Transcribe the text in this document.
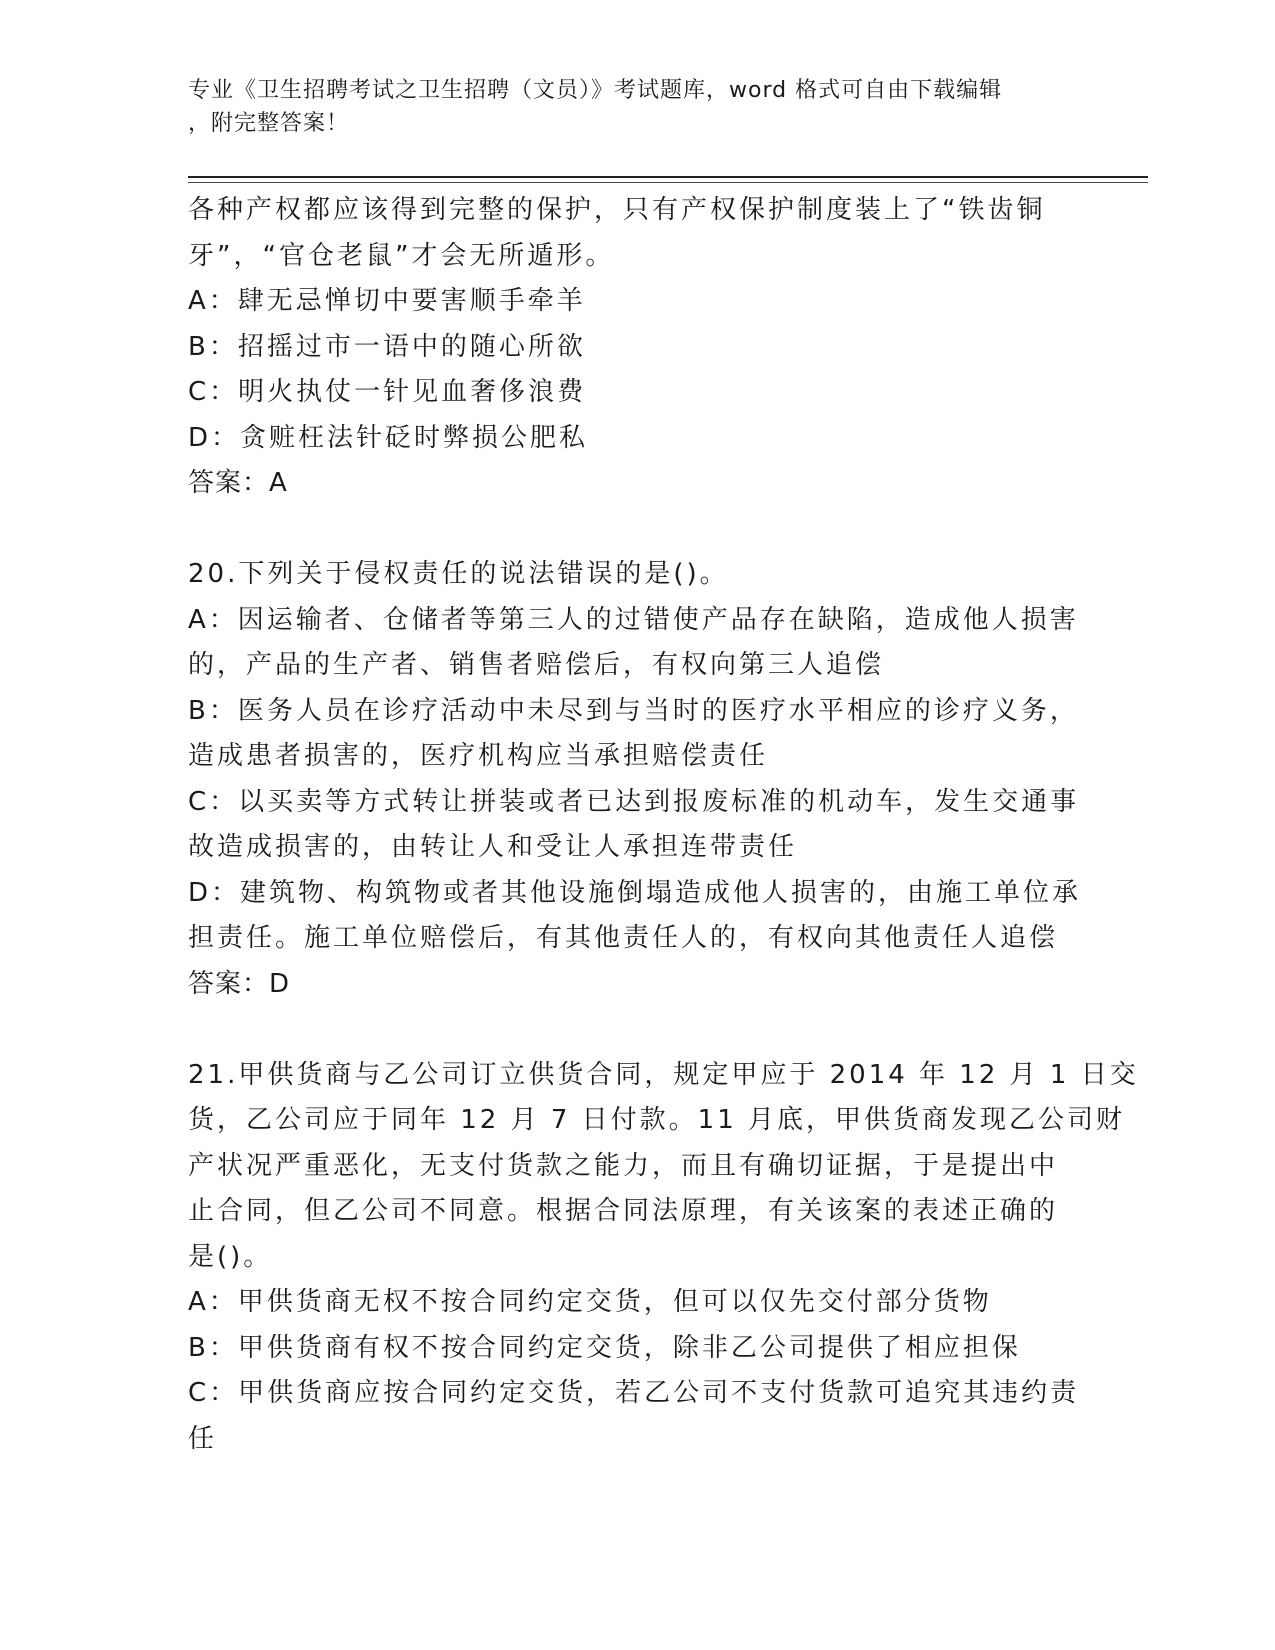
专业《卫生招聘考试之卫生招聘（文员）》考试题库，word 格式可自由下载编辑
，附完整答案！
各种产权都应该得到完整的保护，只有产权保护制度装上了“铁齿铜
牙”，“官仓老鼠”才会无所遁形。
A：肆无忌惮切中要害顺手牵羊
B：招摇过市一语中的随心所欲
C：明火执仗一针见血奢侈浪费
D：贪赃枉法针砭时弊损公肥私
答案：A
20.下列关于侵权责任的说法错误的是()。
A：因运输者、仓储者等第三人的过错使产品存在缺陷，造成他人损害
的，产品的生产者、销售者赔偿后，有权向第三人追偿
B：医务人员在诊疗活动中未尽到与当时的医疗水平相应的诊疗义务，
造成患者损害的，医疗机构应当承担赔偿责任
C：以买卖等方式转让拼装或者已达到报废标准的机动车，发生交通事
故造成损害的，由转让人和受让人承担连带责任
D：建筑物、构筑物或者其他设施倒塌造成他人损害的，由施工单位承
担责任。施工单位赔偿后，有其他责任人的，有权向其他责任人追偿
答案：D
21.甲供货商与乙公司订立供货合同，规定甲应于 2014 年 12 月 1 日交
货，乙公司应于同年 12 月 7 日付款。11 月底，甲供货商发现乙公司财
产状况严重恶化，无支付货款之能力，而且有确切证据，于是提出中
止合同，但乙公司不同意。根据合同法原理，有关该案的表述正确的
是()。
A：甲供货商无权不按合同约定交货，但可以仅先交付部分货物
B：甲供货商有权不按合同约定交货，除非乙公司提供了相应担保
C：甲供货商应按合同约定交货，若乙公司不支付货款可追究其违约责
任
